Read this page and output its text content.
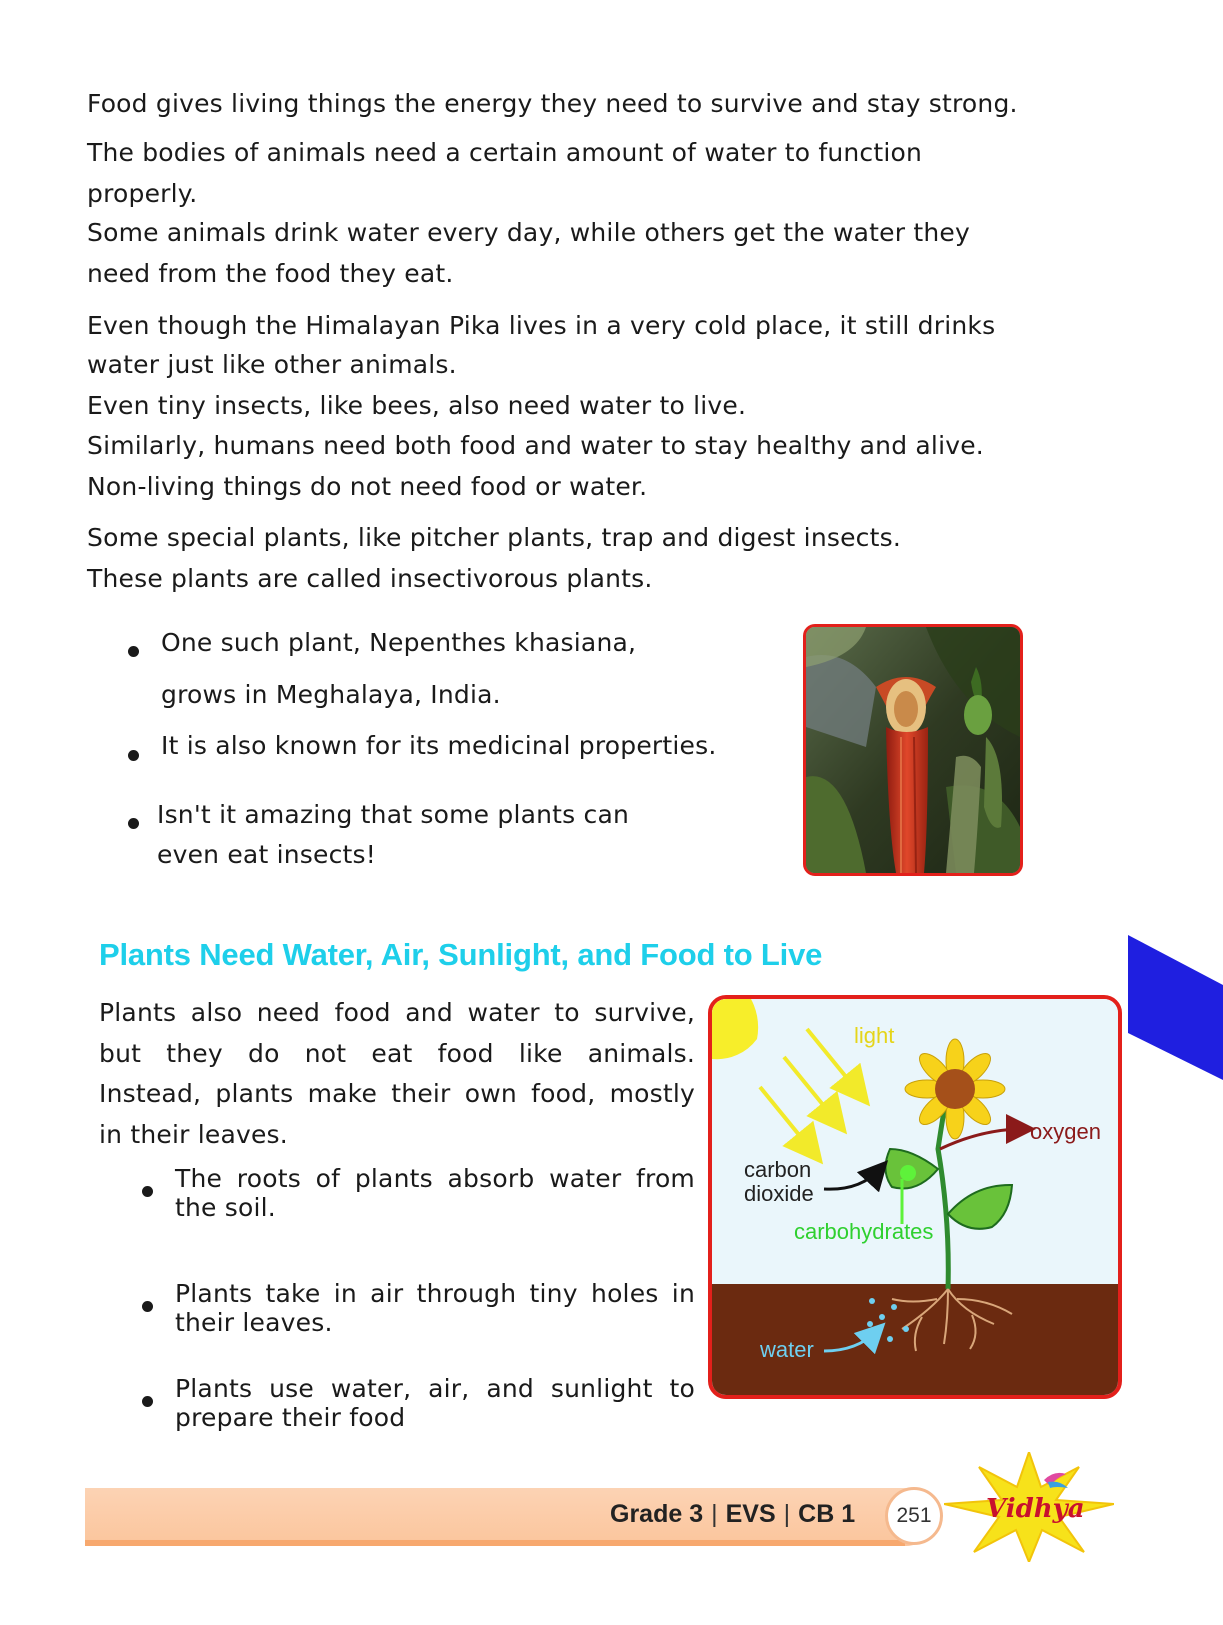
Food gives living things the energy they need to survive and stay strong.

The bodies of animals need a certain amount of water to function

properly.

Some animals drink water every day, while others get the water they

need from the food they eat.

Even though the Himalayan Pika lives in a very cold place, it still drinks

water just like other animals.

Even tiny insects, like bees, also need water to live.

Similarly, humans need both food and water to stay healthy and alive.

Non-living things do not need food or water.

Some special plants, like pitcher plants, trap and digest insects.

These plants are called insectivorous plants.

One such plant, Nepenthes khasiana,

grows in Meghalaya, India.

It is also known for its medicinal properties.

Isn't it amazing that some plants can

even eat insects!

Plants Need Water, Air, Sunlight, and Food to Live

Plants also need food and water to survive,

but they do not eat food like animals.

Instead, plants make their own food, mostly

in their leaves.

The roots of plants absorb water from

the soil.

Plants take in air through tiny holes in

their leaves.

Plants use water, air, and sunlight to

prepare their food

light
oxygen
carbon
dioxide
carbohydrates
water
Grade 3 | EVS | CB 1	251	Vidhya
